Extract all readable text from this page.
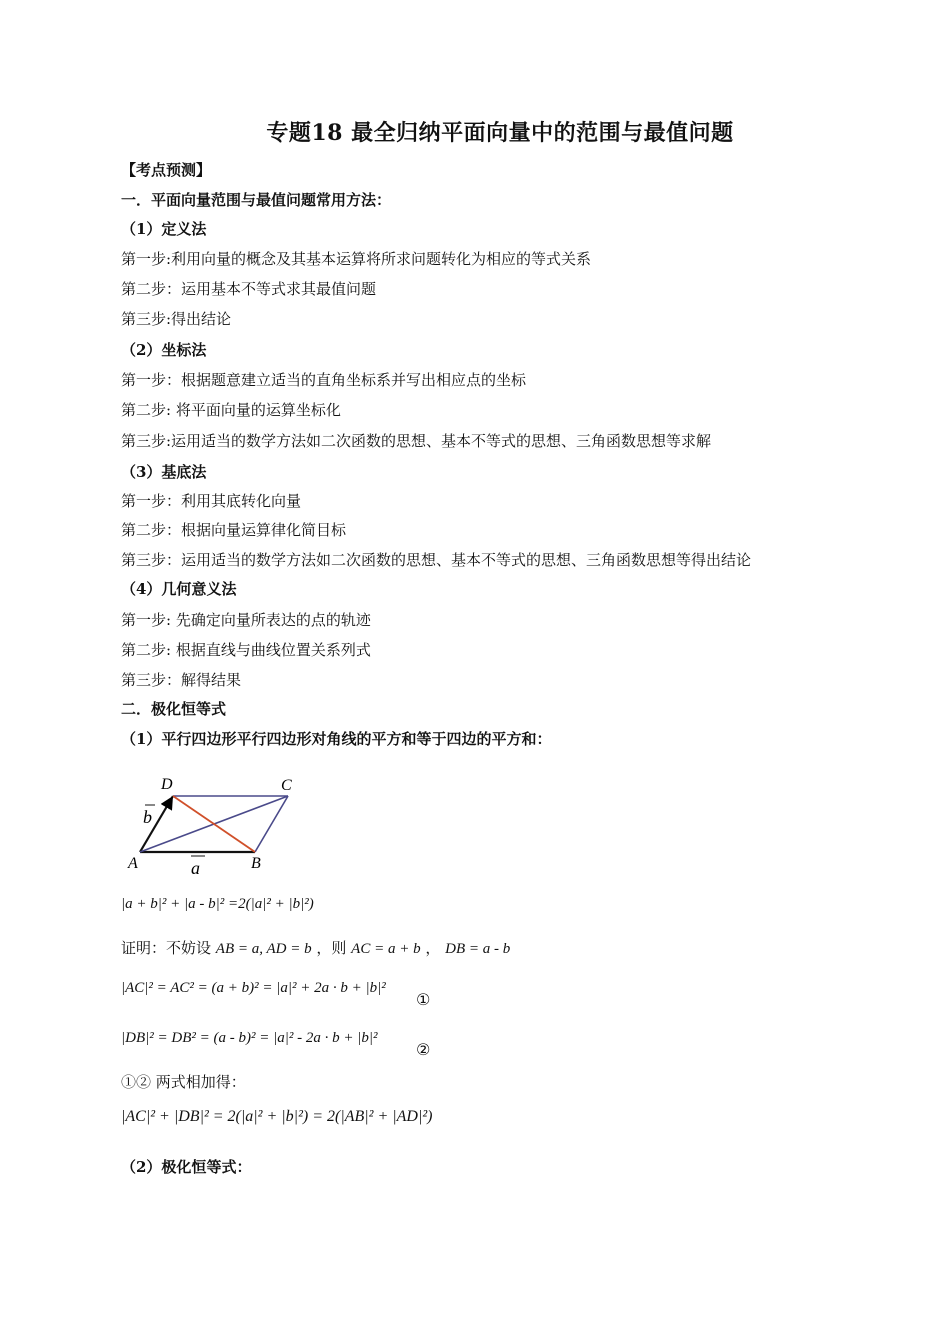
专题18 最全归纳平面向量中的范围与最值问题
【考点预测】
一．平面向量范围与最值问题常用方法：
（1）定义法
第一步:利用向量的概念及其基本运算将所求问题转化为相应的等式关系
第二步：运用基本不等式求其最值问题
第三步:得出结论
（2）坐标法
第一步：根据题意建立适当的直角坐标系并写出相应点的坐标
第二步: 将平面向量的运算坐标化
第三步:运用适当的数学方法如二次函数的思想、基本不等式的思想、三角函数思想等求解
（3）基底法
第一步：利用其底转化向量
第二步：根据向量运算律化简目标
第三步：运用适当的数学方法如二次函数的思想、基本不等式的思想、三角函数思想等得出结论
（4）几何意义法
第一步: 先确定向量所表达的点的轨迹
第二步: 根据直线与曲线位置关系列式
第三步：解得结果
二．极化恒等式
（1）平行四边形平行四边形对角线的平方和等于四边的平方和：
D	C
A	B
b
a
|a + b|² + |a - b|² =2(|a|² + |b|²)
证明：不妨设 AB = a, AD = b ，则 AC = a + b ， DB = a - b
|AC|² = AC² = (a + b)² = |a|² + 2a · b + |b|²
①
|DB|² = DB² = (a - b)² = |a|² - 2a · b + |b|²
②
①② 两式相加得：
|AC|² + |DB|² = 2(|a|² + |b|²) = 2(|AB|² + |AD|²)
（2）极化恒等式：
